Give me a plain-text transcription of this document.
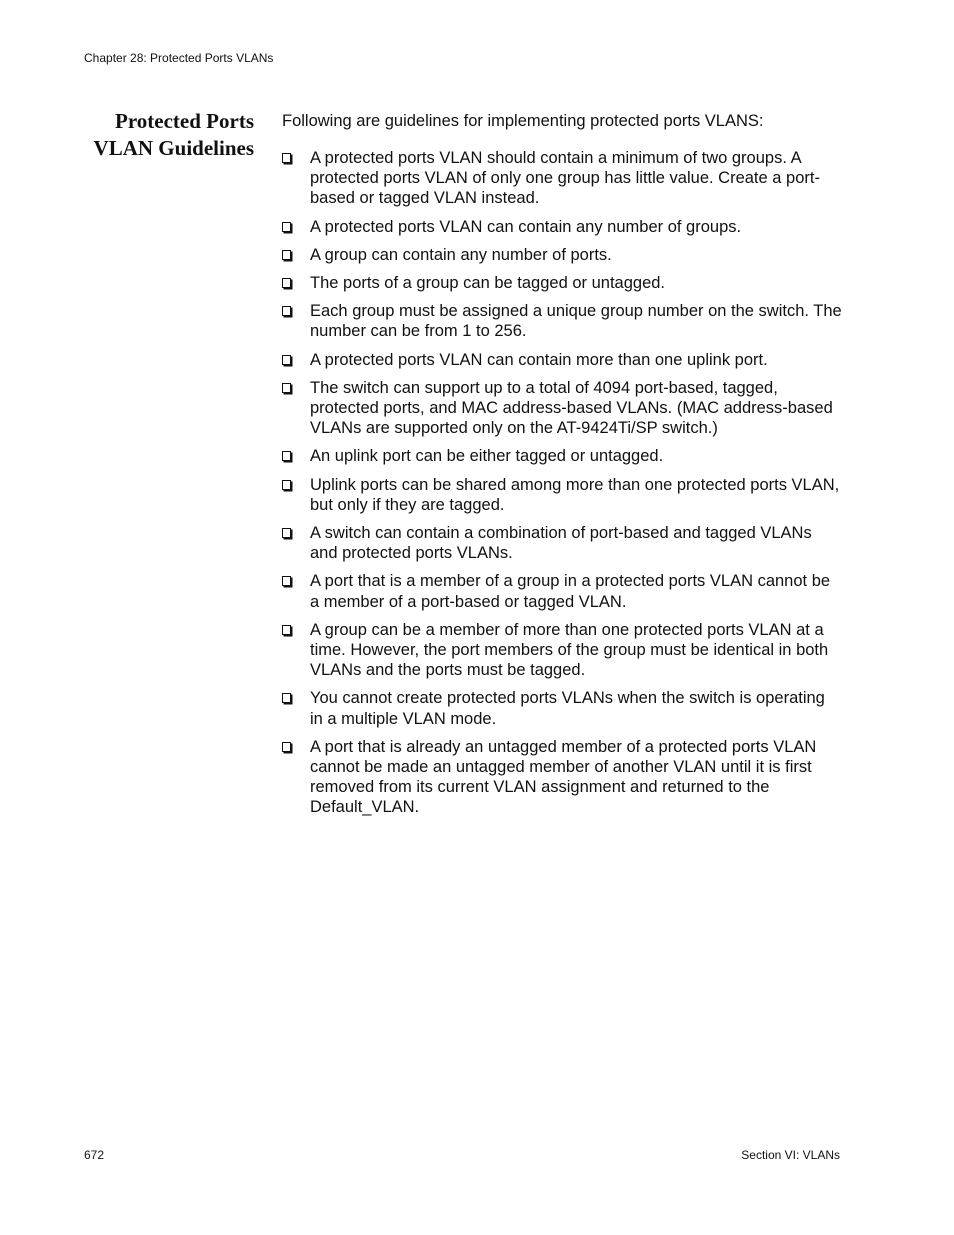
Chapter 28: Protected Ports VLANs
Protected Ports
VLAN Guidelines

Following are guidelines for implementing protected ports VLANS:

A protected ports VLAN should contain a minimum of two groups. A protected ports VLAN of only one group has little value. Create a port-based or tagged VLAN instead.
A protected ports VLAN can contain any number of groups.
A group can contain any number of ports.
The ports of a group can be tagged or untagged.
Each group must be assigned a unique group number on the switch. The number can be from 1 to 256.
A protected ports VLAN can contain more than one uplink port.
The switch can support up to a total of 4094 port-based, tagged, protected ports, and MAC address-based VLANs. (MAC address-based VLANs are supported only on the AT-9424Ti/SP switch.)
An uplink port can be either tagged or untagged.
Uplink ports can be shared among more than one protected ports VLAN, but only if they are tagged.
A switch can contain a combination of port-based and tagged VLANs and protected ports VLANs.
A port that is a member of a group in a protected ports VLAN cannot be a member of a port-based or tagged VLAN.
A group can be a member of more than one protected ports VLAN at a time. However, the port members of the group must be identical in both VLANs and the ports must be tagged.
You cannot create protected ports VLANs when the switch is operating in a multiple VLAN mode.
A port that is already an untagged member of a protected ports VLAN cannot be made an untagged member of another VLAN until it is first removed from its current VLAN assignment and returned to the Default_VLAN.
672	Section VI: VLANs
